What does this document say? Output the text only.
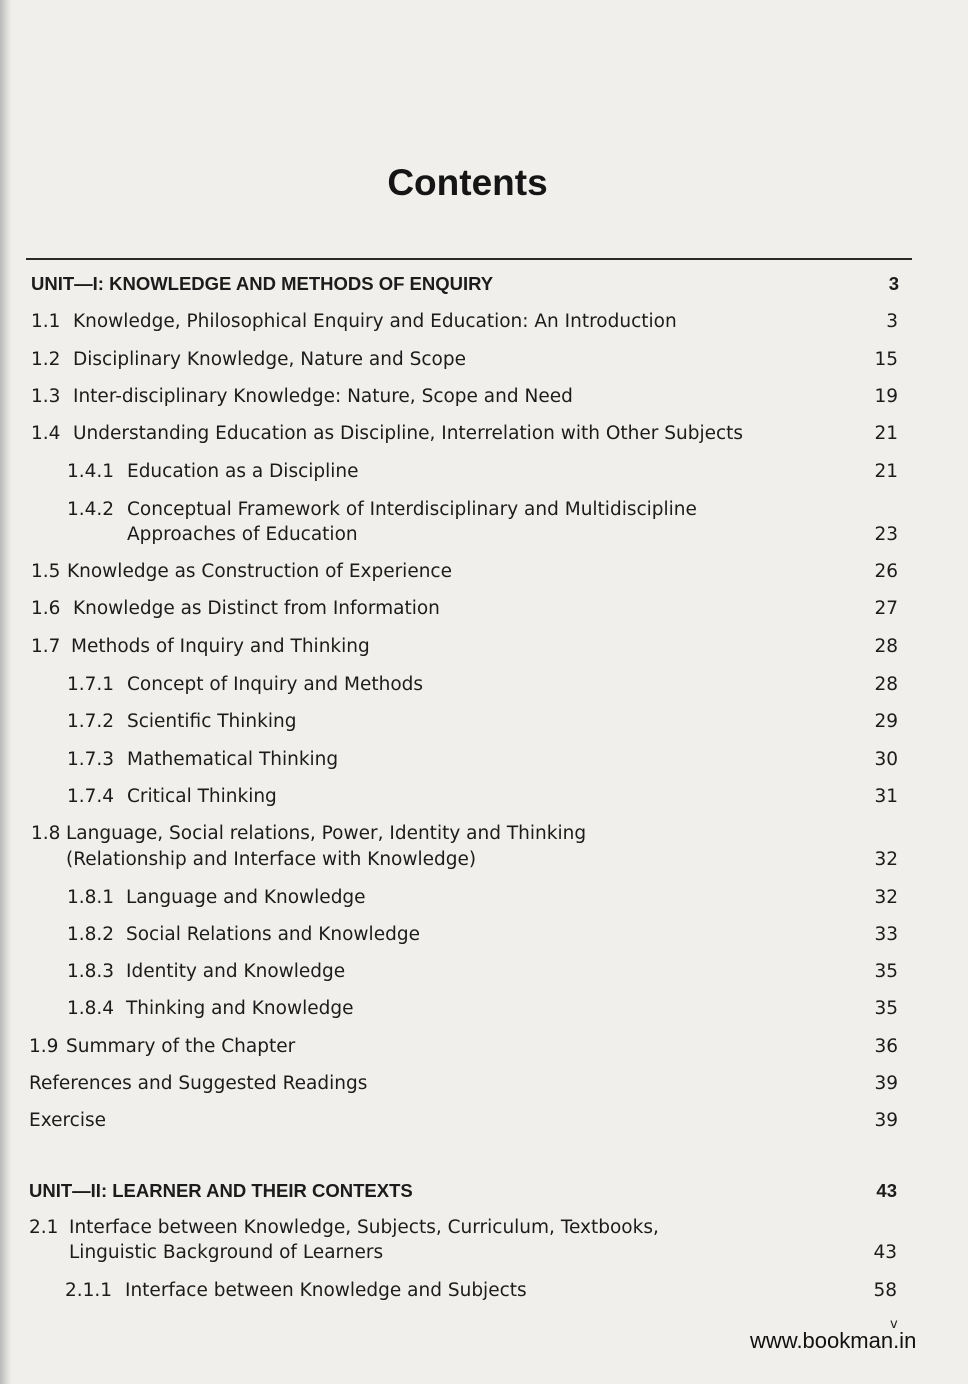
Contents
UNIT—I: KNOWLEDGE AND METHODS OF ENQUIRY	3
1.1 Knowledge, Philosophical Enquiry and Education: An Introduction	3
1.2 Disciplinary Knowledge, Nature and Scope	15
1.3 Inter-disciplinary Knowledge: Nature, Scope and Need	19
1.4 Understanding Education as Discipline, Interrelation with Other Subjects	21
1.4.1 Education as a Discipline	21
1.4.2 Conceptual Framework of Interdisciplinary and Multidiscipline
Approaches of Education	23
1.5 Knowledge as Construction of Experience	26
1.6 Knowledge as Distinct from Information	27
1.7 Methods of Inquiry and Thinking	28
1.7.1 Concept of Inquiry and Methods	28
1.7.2 Scientific Thinking	29
1.7.3 Mathematical Thinking	30
1.7.4 Critical Thinking	31
1.8 Language, Social relations, Power, Identity and Thinking
(Relationship and Interface with Knowledge)	32
1.8.1 Language and Knowledge	32
1.8.2 Social Relations and Knowledge	33
1.8.3 Identity and Knowledge	35
1.8.4 Thinking and Knowledge	35
1.9 Summary of the Chapter	36
References and Suggested Readings	39
Exercise	39
UNIT—II: LEARNER AND THEIR CONTEXTS	43
2.1 Interface between Knowledge, Subjects, Curriculum, Textbooks,
Linguistic Background of Learners	43
2.1.1 Interface between Knowledge and Subjects	58
v
www.bookman.in
